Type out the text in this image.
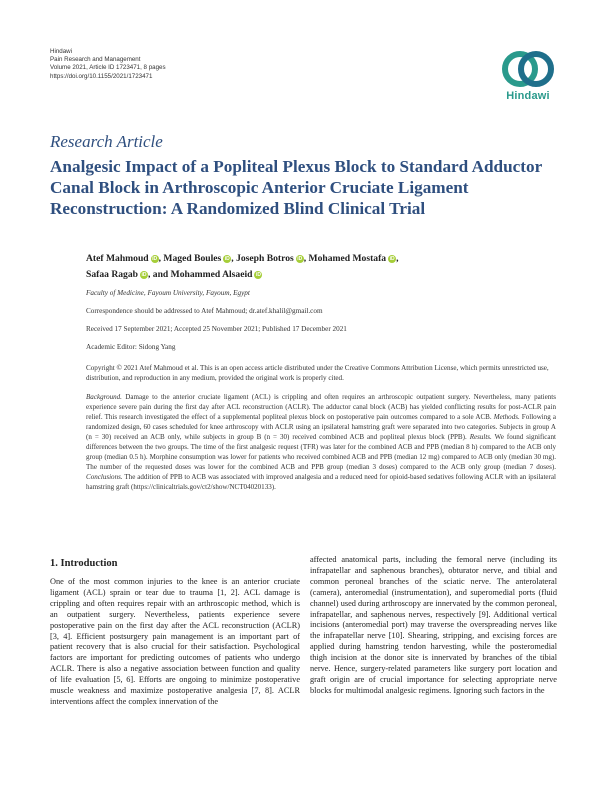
Hindawi
Pain Research and Management
Volume 2021, Article ID 1723471, 8 pages
https://doi.org/10.1155/2021/1723471
Hindawi
Research Article
Analgesic Impact of a Popliteal Plexus Block to Standard Adductor Canal Block in Arthroscopic Anterior Cruciate Ligament Reconstruction: A Randomized Blind Clinical Trial
Atef Mahmoud iD , Maged Boules iD , Joseph Botros iD , Mohamed Mostafa iD ,
Safaa Ragab iD , and Mohammed Alsaeid iD
Faculty of Medicine, Fayoum University, Fayoum, Egypt
Correspondence should be addressed to Atef Mahmoud; dr.atef.khalil@gmail.com
Received 17 September 2021; Accepted 25 November 2021; Published 17 December 2021
Academic Editor: Sidong Yang
Copyright © 2021 Atef Mahmoud et al. This is an open access article distributed under the Creative Commons Attribution License, which permits unrestricted use, distribution, and reproduction in any medium, provided the original work is properly cited.
Background. Damage to the anterior cruciate ligament (ACL) is crippling and often requires an arthroscopic outpatient surgery. Nevertheless, many patients experience severe pain during the first day after ACL reconstruction (ACLR). The adductor canal block (ACB) has yielded conflicting results for post-ACLR pain relief. This research investigated the effect of a supplemental popliteal plexus block on postoperative pain outcomes compared to a sole ACB. Methods. Following a randomized design, 60 cases scheduled for knee arthroscopy with ACLR using an ipsilateral hamstring graft were separated into two categories. Subjects in group A (n = 30) received an ACB only, while subjects in group B (n = 30) received combined ACB and popliteal plexus block (PPB). Results. We found significant differences between the two groups. The time of the first analgesic request (TFR) was later for the combined ACB and PPB (median 8 h) compared to the ACB only group (median 0.5 h). Morphine consumption was lower for patients who received combined ACB and PPB (median 12 mg) compared to ACB only (median 30 mg). The number of the requested doses was lower for the combined ACB and PPB group (median 3 doses) compared to the ACB only group (median 7 doses). Conclusions. The addition of PPB to ACB was associated with improved analgesia and a reduced need for opioid-based sedatives following ACLR with an ipsilateral hamstring graft (https://clinicaltrials.gov/ct2/show/NCT04020133).
1. Introduction
One of the most common injuries to the knee is an anterior cruciate ligament (ACL) sprain or tear due to trauma [1, 2]. ACL damage is crippling and often requires repair with an arthroscopic method, which is an outpatient surgery. Nevertheless, patients experience severe postoperative pain on the first day after the ACL reconstruction (ACLR) [3, 4]. Efficient postsurgery pain management is an important part of patient recovery that is also crucial for their satisfaction. Psychological factors are important for predicting outcomes of patients who undergo ACLR. There is also a negative association between function and quality of life evaluation [5, 6]. Efforts are ongoing to minimize postoperative muscle weakness and maximize postoperative analgesia [7, 8]. ACLR interventions affect the complex innervation of the
affected anatomical parts, including the femoral nerve (including its infrapatellar and saphenous branches), obturator nerve, and tibial and common peroneal branches of the sciatic nerve. The anterolateral (camera), anteromedial (instrumentation), and superomedial ports (fluid channel) used during arthroscopy are innervated by the common peroneal, infrapatellar, and saphenous nerves, respectively [9]. Additional vertical incisions (anteromedial port) may traverse the overspreading nerves like the infrapatellar nerve [10]. Shearing, stripping, and excising forces are applied during hamstring tendon harvesting, while the posteromedial thigh incision at the donor site is innervated by branches of the tibial nerve. Hence, surgery-related parameters like surgery port location and graft origin are of crucial importance for selecting appropriate nerve blocks for multimodal analgesic regimens. Ignoring such factors in the
